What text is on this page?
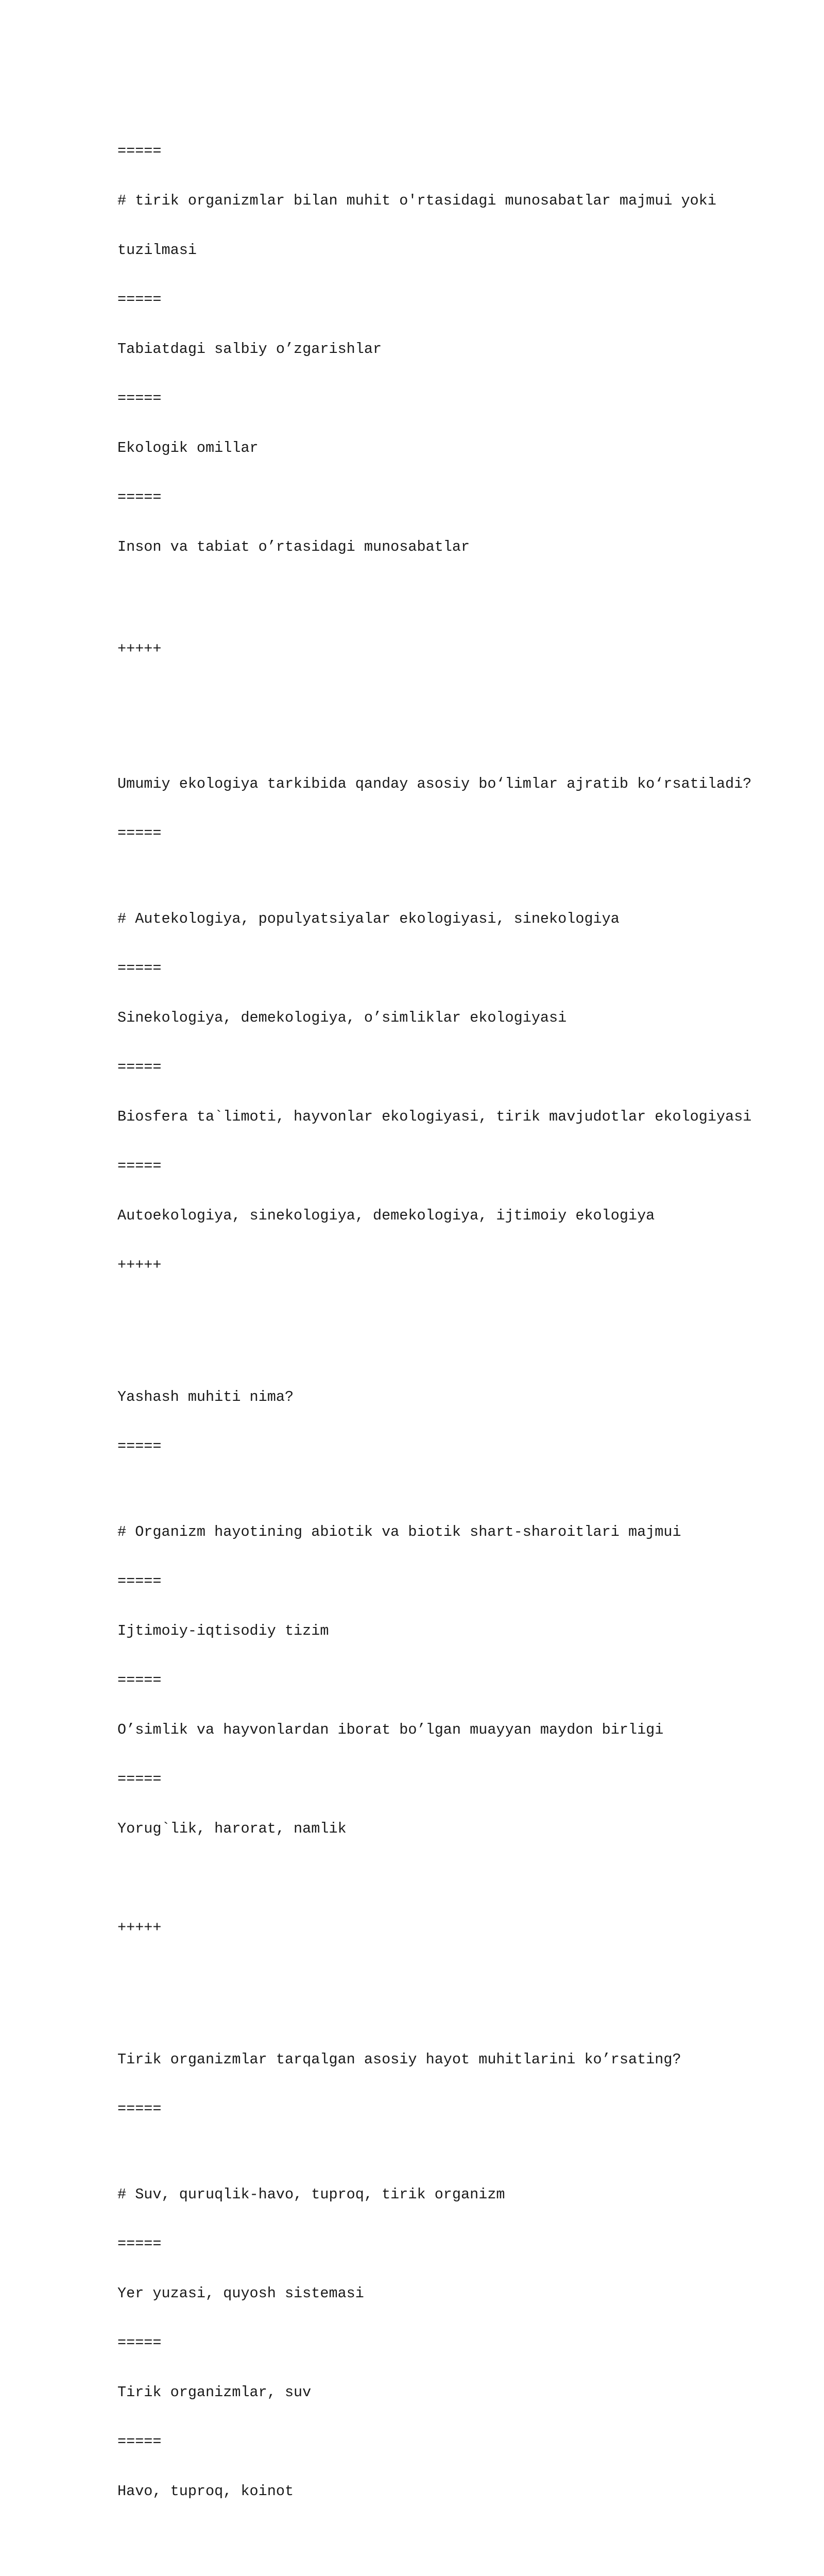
=====

# tirik organizmlar bilan muhit o'rtasidagi munosabatlar majmui yoki

tuzilmasi

=====

Tabiatdagi salbiy o’zgarishlar

=====

Ekologik omillar

=====

Inson va tabiat o’rtasidagi munosabatlar

+++++

Umumiy ekologiya tarkibida qanday asosiy bo‘limlar ajratib ko‘rsatiladi?

=====

# Autekologiya, populyatsiyalar ekologiyasi, sinekologiya

=====

Sinekologiya, demekologiya, o’simliklar ekologiyasi

=====

Biosfera ta`limoti, hayvonlar ekologiyasi, tirik mavjudotlar ekologiyasi

=====

Autoekologiya, sinekologiya, demekologiya, ijtimoiy ekologiya

+++++

Yashash muhiti nima?

=====

# Organizm hayotining abiotik va biotik shart-sharoitlari majmui

=====

Ijtimoiy-iqtisodiy tizim

=====

O’simlik va hayvonlardan iborat bo’lgan muayyan maydon birligi

=====

Yorug`lik, harorat, namlik

+++++

Tirik organizmlar tarqalgan asosiy hayot muhitlarini ko’rsating?

=====

# Suv, quruqlik-havo, tuproq, tirik organizm

=====

Yer yuzasi, quyosh sistemasi

=====

Tirik organizmlar, suv

=====

Havo, tuproq, koinot
